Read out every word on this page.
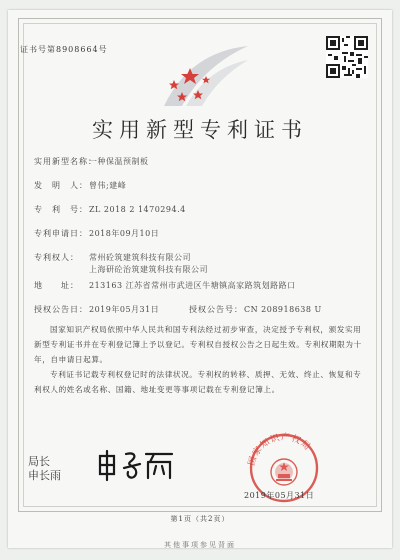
证书号第8908664号
实用新型专利证书
实用新型名称：
一种保温预制板
发　明　人： 曾伟;建峰
专　利　号： ZL 2018 2 1470294.4
专利申请日： 2018年09月10日
专利权人：	常州砼筑建筑科技有限公司
上海研砼治筑建筑科技有限公司
地　　址：	213163 江苏省常州市武进区牛塘镇高家路筑划路路口
授权公告日： 2019年05月31日	授权公告号： CN 208918638 U

国家知识产权局依照中华人民共和国专利法经过初步审查，决定授予专利权，颁发实用新型专利证书并在专利登记簿上予以登记。专利权自授权公告之日起生效。专利权期限为十年，自申请日起算。

专利证书记载专利权登记时的法律状况。专利权的转移、质押、无效、终止、恢复和专利权人的姓名或名称、国籍、地址变更等事项记载在专利登记簿上。

局长
申长雨
国家知识产权局
2019年05月31日
第1页（共2页）
其他事项参见背面
